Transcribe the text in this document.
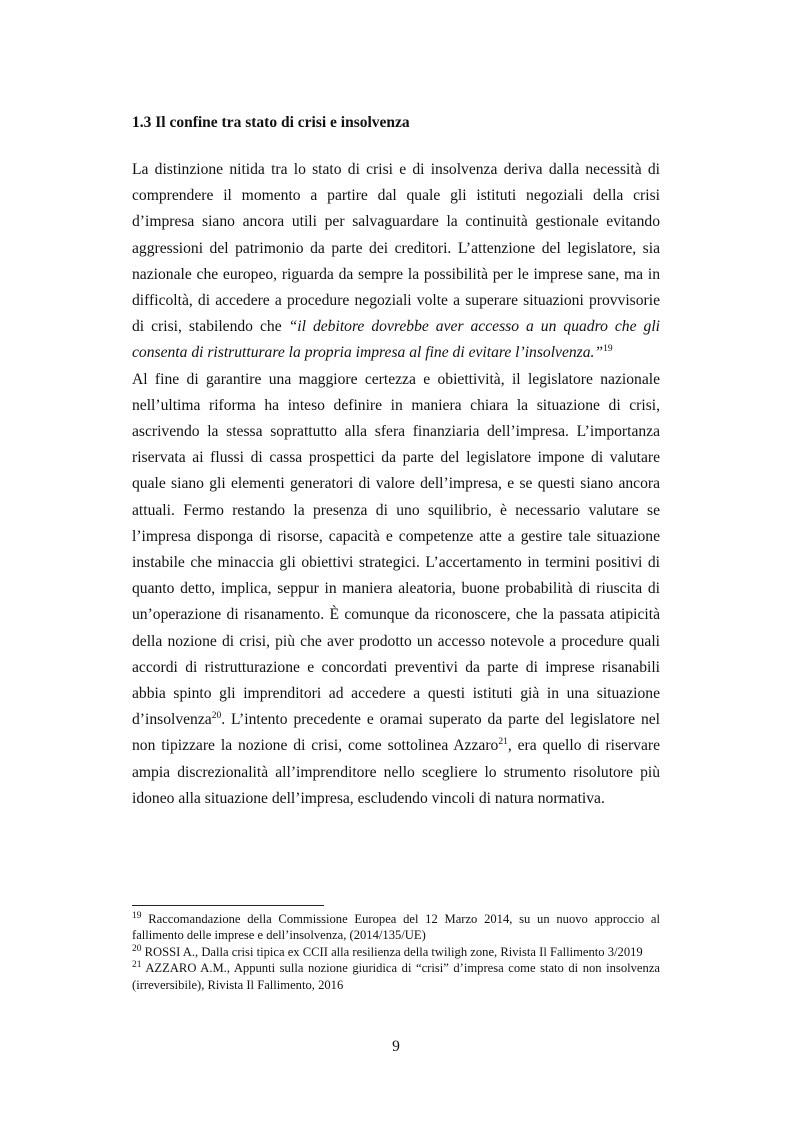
1.3 Il confine tra stato di crisi e insolvenza

La distinzione nitida tra lo stato di crisi e di insolvenza deriva dalla necessità di comprendere il momento a partire dal quale gli istituti negoziali della crisi d’impresa siano ancora utili per salvaguardare la continuità gestionale evitando aggressioni del patrimonio da parte dei creditori. L’attenzione del legislatore, sia nazionale che europeo, riguarda da sempre la possibilità per le imprese sane, ma in difficoltà, di accedere a procedure negoziali volte a superare situazioni provvisorie di crisi, stabilendo che “il debitore dovrebbe aver accesso a un quadro che gli consenta di ristrutturare la propria impresa al fine di evitare l’insolvenza.”$^{19}$

Al fine di garantire una maggiore certezza e obiettività, il legislatore nazionale nell’ultima riforma ha inteso definire in maniera chiara la situazione di crisi, ascrivendo la stessa soprattutto alla sfera finanziaria dell’impresa. L’importanza riservata ai flussi di cassa prospettici da parte del legislatore impone di valutare quale siano gli elementi generatori di valore dell’impresa, e se questi siano ancora attuali. Fermo restando la presenza di uno squilibrio, è necessario valutare se l’impresa disponga di risorse, capacità e competenze atte a gestire tale situazione instabile che minaccia gli obiettivi strategici. L’accertamento in termini positivi di quanto detto, implica, seppur in maniera aleatoria, buone probabilità di riuscita di un’operazione di risanamento. È comunque da riconoscere, che la passata atipicità della nozione di crisi, più che aver prodotto un accesso notevole a procedure quali accordi di ristrutturazione e concordati preventivi da parte di imprese risanabili abbia spinto gli imprenditori ad accedere a questi istituti già in una situazione d’insolvenza$^{20}$. L’intento precedente e oramai superato da parte del legislatore nel non tipizzare la nozione di crisi, come sottolinea Azzaro$^{21}$, era quello di riservare ampia discrezionalità all’imprenditore nello scegliere lo strumento risolutore più idoneo alla situazione dell’impresa, escludendo vincoli di natura normativa.

$^{19}$ Raccomandazione della Commissione Europea del 12 Marzo 2014, su un nuovo approccio al fallimento delle imprese e dell’insolvenza, (2014/135/UE)

$^{20}$ ROSSI A., Dalla crisi tipica ex CCII alla resilienza della twiligh zone, Rivista Il Fallimento 3/2019

$^{21}$ AZZARO A.M., Appunti sulla nozione giuridica di “crisi” d’impresa come stato di non insolvenza (irreversibile), Rivista Il Fallimento, 2016

9
